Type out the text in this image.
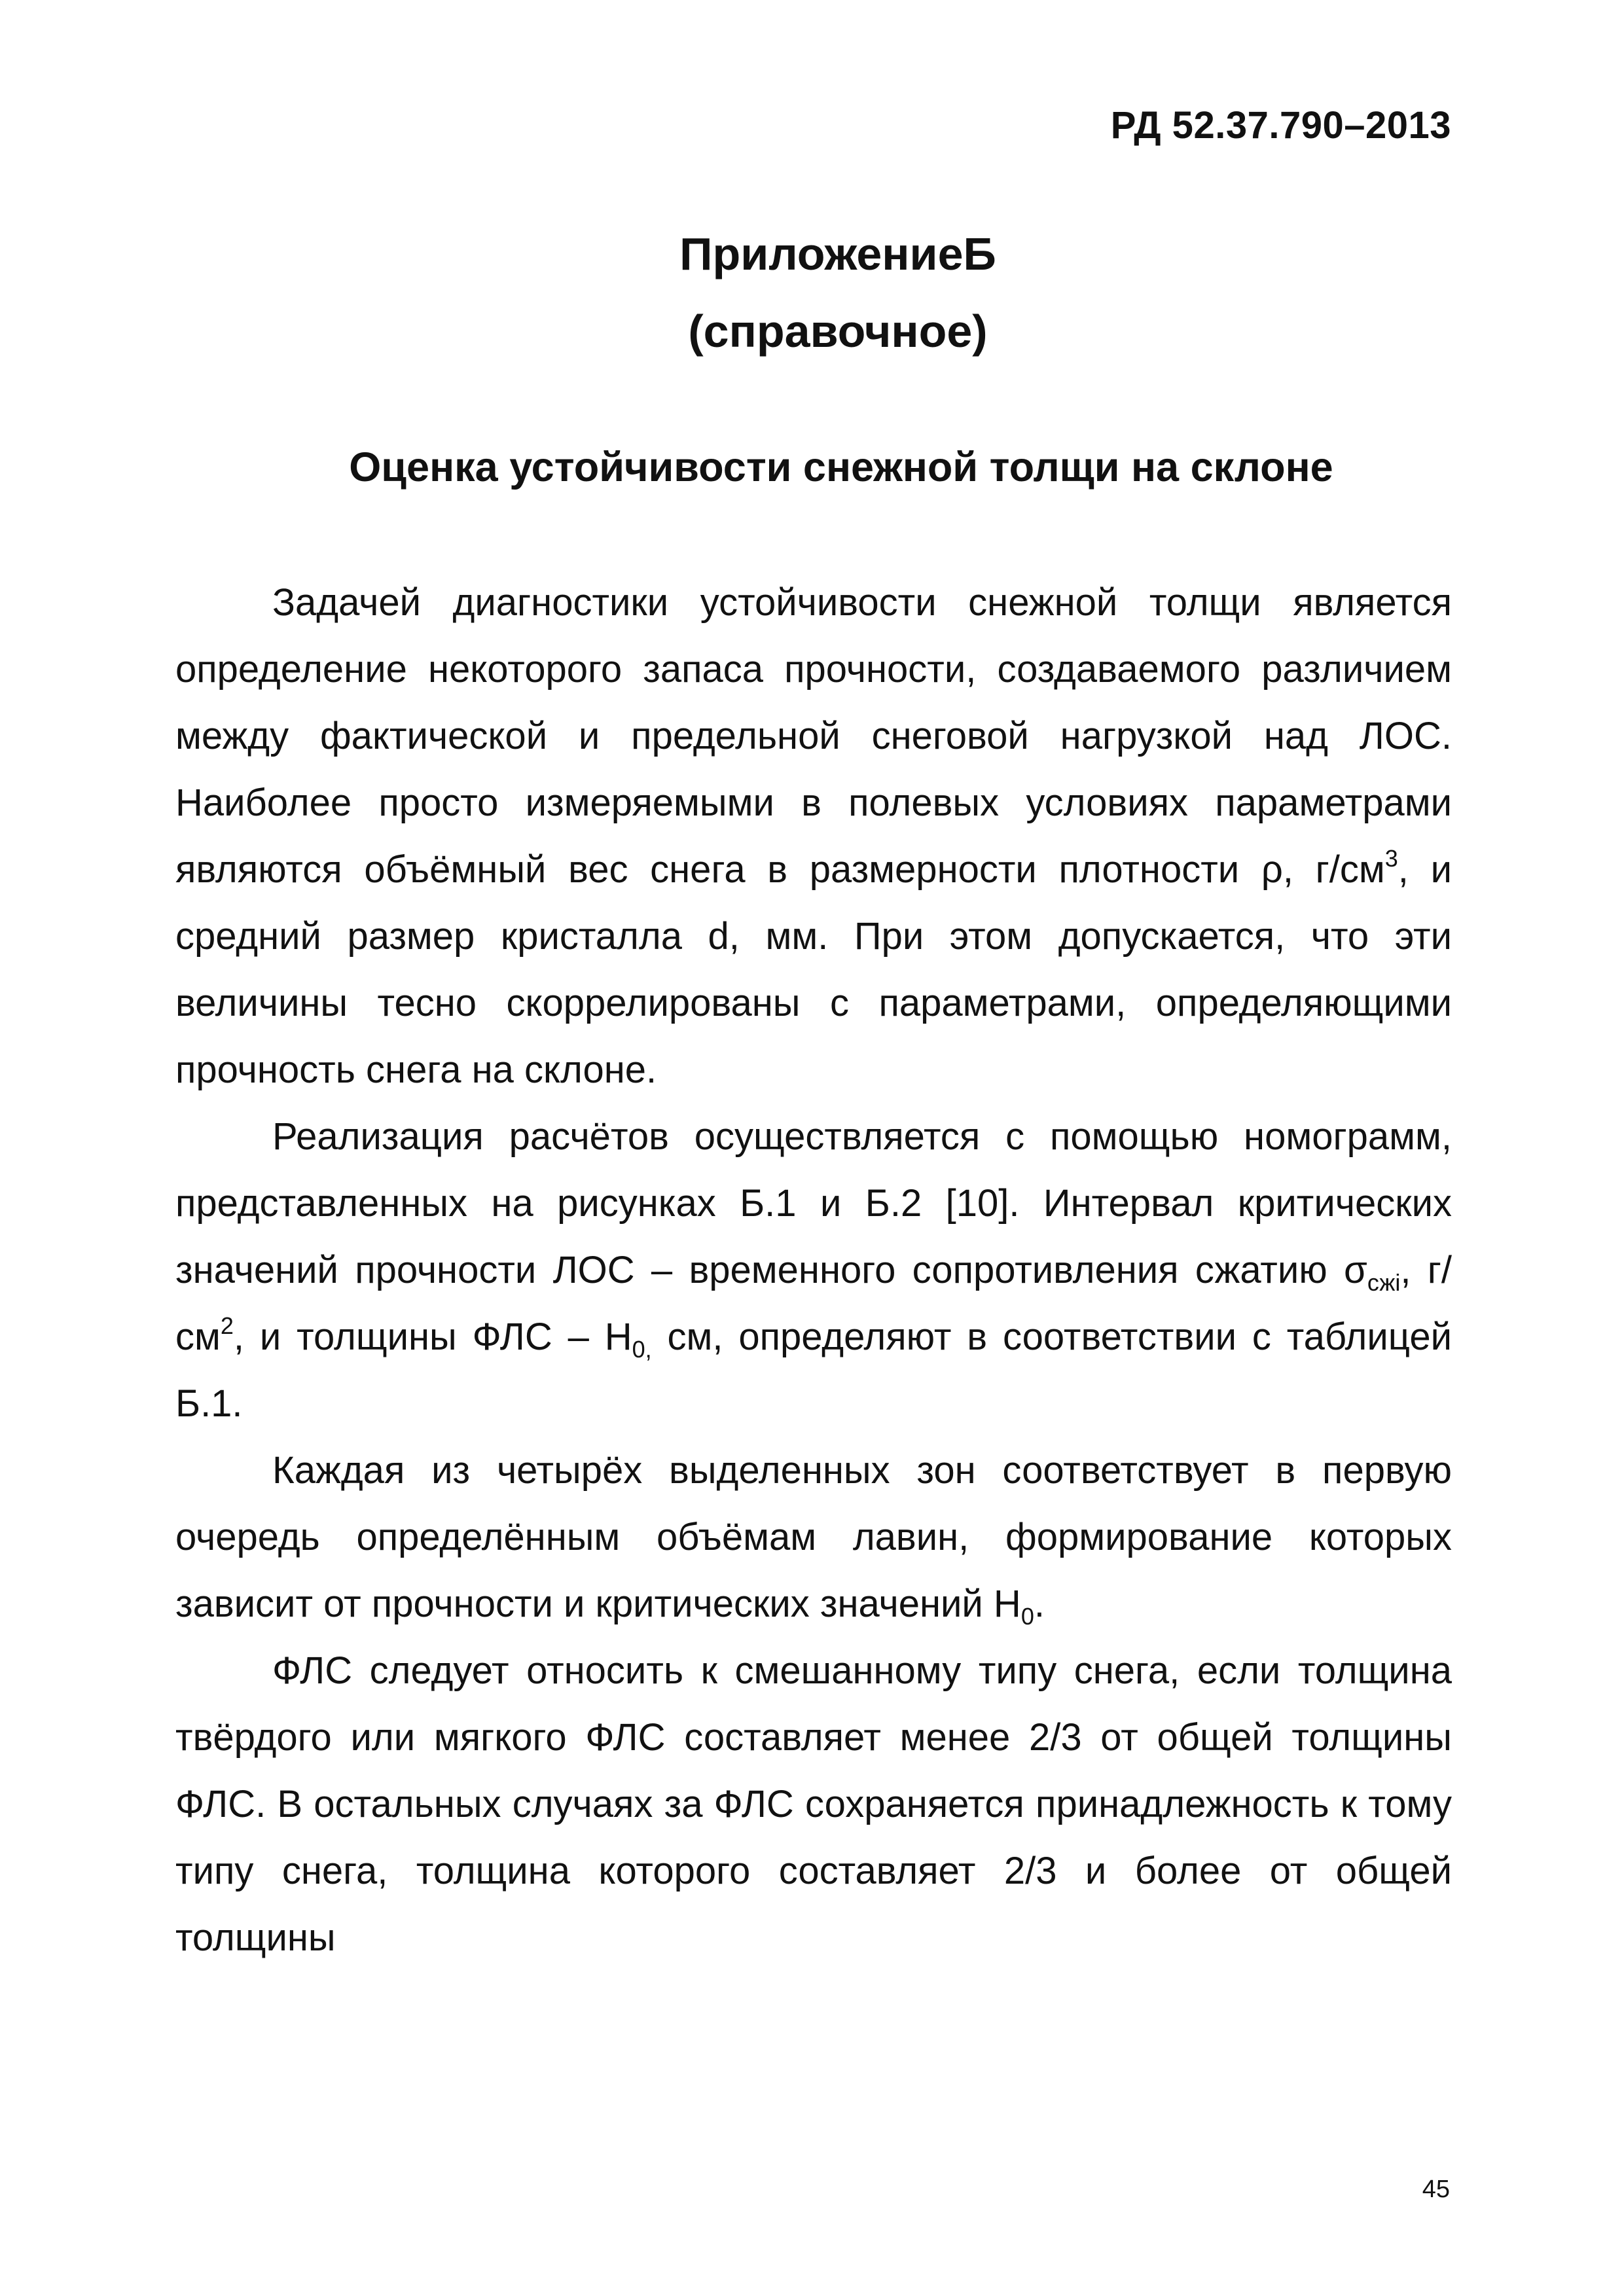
РД 52.37.790–2013
ПриложениеБ
(справочное)
Оценка устойчивости снежной толщи на склоне

Задачей диагностики устойчивости снежной толщи является определение некоторого запаса прочности, создаваемого различием между фактической и предельной снеговой нагрузкой над ЛОС. Наиболее просто измеряемыми в полевых условиях параметрами являются объёмный вес снега в размерности плотности ρ, $г/см^3$, и средний размер кристалла d, мм. При этом допускается, что эти величины тесно скоррелированы с параметрами, определяющими прочность снега на склоне.

Реализация расчётов осуществляется с помощью номограмм, представленных на рисунках Б.1 и Б.2 [10]. Интервал критических значений прочности ЛОС – временного сопротивления сжатию $\sigma_{сжi}$, $г/см^2$, и толщины ФЛС – $Н_{0,}$ см, определяют в соответствии с таблицей Б.1.

Каждая из четырёх выделенных зон соответствует в первую очередь определённым объёмам лавин, формирование которых зависит от прочности и критических значений $Н_0$.

ФЛС следует относить к смешанному типу снега, если толщина твёрдого или мягкого ФЛС составляет менее 2/3 от общей толщины ФЛС. В остальных случаях за ФЛС сохраняется принадлежность к тому типу снега, толщина которого составляет 2/3 и более от общей толщины

45
